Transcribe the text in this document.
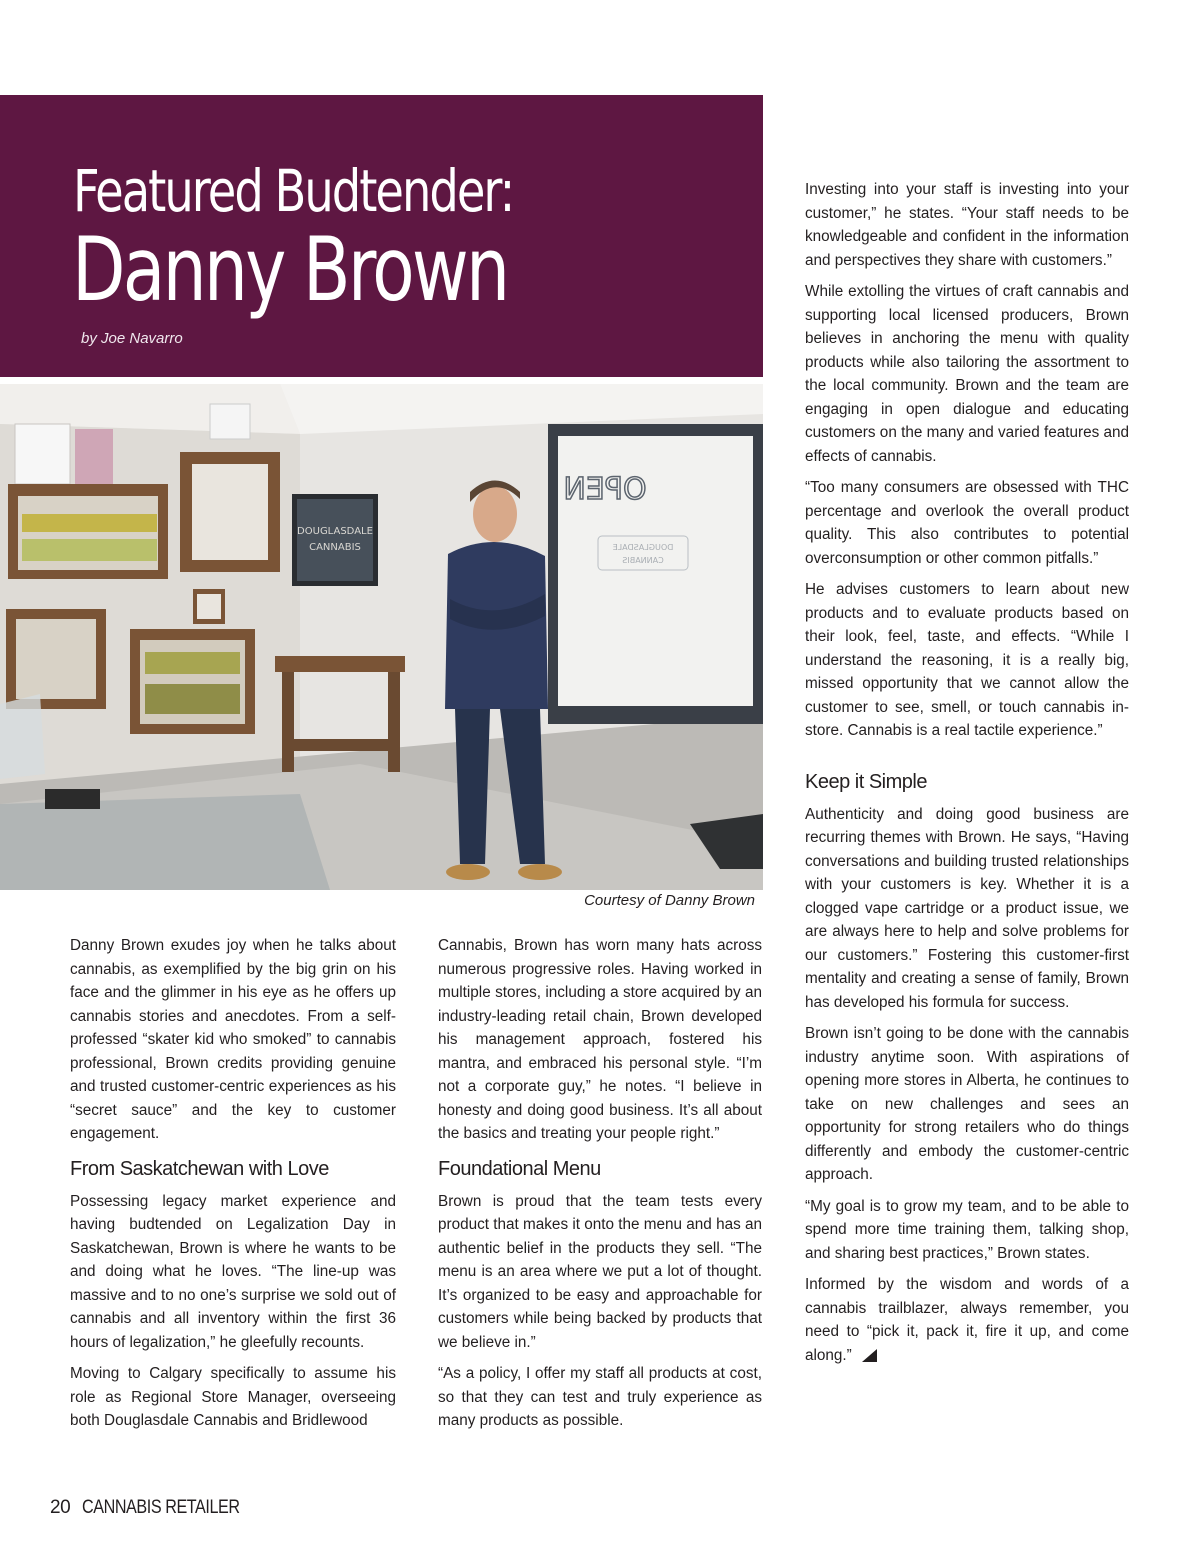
Featured Budtender:
Danny Brown
by Joe Navarro
DOUGLASDALE
CANNABIS
OPEN
DOUGLASDALE
CANNABIS
Courtesy of Danny Brown

Danny Brown exudes joy when he talks about cannabis, as exemplified by the big grin on his face and the glimmer in his eye as he offers up cannabis stories and anecdotes. From a self-professed “skater kid who smoked” to cannabis professional, Brown credits providing genuine and trusted customer-centric experiences as his “secret sauce” and the key to customer engagement.

From Saskatchewan with Love

Possessing legacy market experience and having budtended on Legalization Day in Saskatchewan, Brown is where he wants to be and doing what he loves. “The line-up was massive and to no one’s surprise we sold out of cannabis and all inventory within the first 36 hours of legalization,” he gleefully recounts.

Moving to Calgary specifically to assume his role as Regional Store Manager, overseeing both Douglasdale Cannabis and Bridlewood

Cannabis, Brown has worn many hats across numerous progressive roles. Having worked in multiple stores, including a store acquired by an industry-leading retail chain, Brown developed his management approach, fostered his mantra, and embraced his personal style. “I’m not a corporate guy,” he notes. “I believe in honesty and doing good business. It’s all about the basics and treating your people right.”

Foundational Menu

Brown is proud that the team tests every product that makes it onto the menu and has an authentic belief in the products they sell. “The menu is an area where we put a lot of thought. It’s organized to be easy and approachable for customers while being backed by products that we believe in.”

“As a policy, I offer my staff all products at cost, so that they can test and truly experience as many products as possible.

Investing into your staff is investing into your customer,” he states. “Your staff needs to be knowledgeable and confident in the information and perspectives they share with customers.”

While extolling the virtues of craft cannabis and supporting local licensed producers, Brown believes in anchoring the menu with quality products while also tailoring the assortment to the local community. Brown and the team are engaging in open dialogue and educating customers on the many and varied features and effects of cannabis.

“Too many consumers are obsessed with THC percentage and overlook the overall product quality. This also contributes to potential overconsumption or other common pitfalls.”

He advises customers to learn about new products and to evaluate products based on their look, feel, taste, and effects. “While I understand the reasoning, it is a really big, missed opportunity that we cannot allow the customer to see, smell, or touch cannabis in-store. Cannabis is a real tactile experience.”

Keep it Simple

Authenticity and doing good business are recurring themes with Brown. He says, “Having conversations and building trusted relationships with your customers is key. Whether it is a clogged vape cartridge or a product issue, we are always here to help and solve problems for our customers.” Fostering this customer-first mentality and creating a sense of family, Brown has developed his formula for success.

Brown isn’t going to be done with the cannabis industry anytime soon. With aspirations of opening more stores in Alberta, he continues to take on new challenges and sees an opportunity for strong retailers who do things differently and embody the customer-centric approach.

“My goal is to grow my team, and to be able to spend more time training them, talking shop, and sharing best practices,” Brown states.

Informed by the wisdom and words of a cannabis trailblazer, always remember, you need to “pick it, pack it, fire it up, and come along.”

20 CANNABIS RETAILER
